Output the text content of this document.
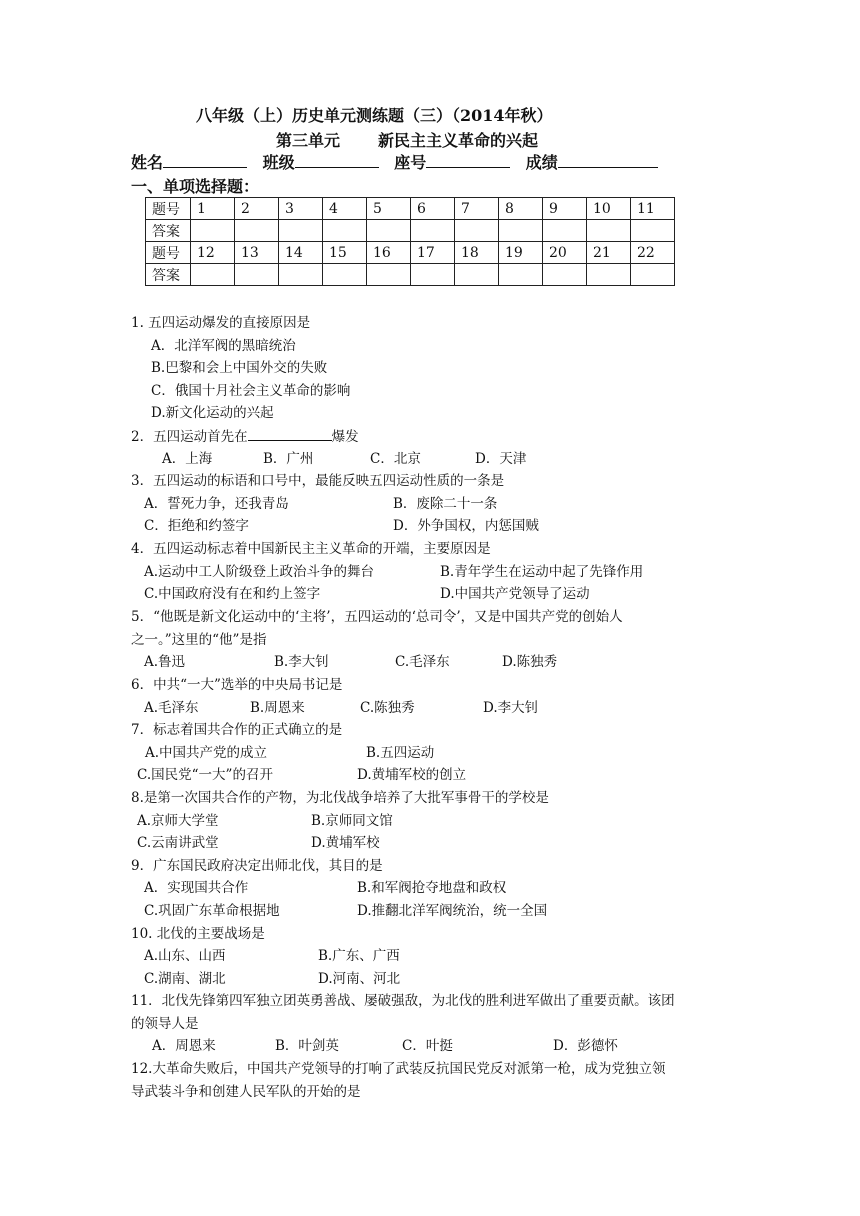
八年级（上）历史单元测练题（三）（2014年秋）
第三单元 新民主主义革命的兴起
姓名	班级	座号	成绩
一、单项选择题：
题号	1	2	3	4	5	6	7	8	9	10	11
答案											
题号	12	13	14	15	16	17	18	19	20	21	22
答案											
1. 五四运动爆发的直接原因是
A．北洋军阀的黑暗统治
B.巴黎和会上中国外交的失败
C．俄国十月社会主义革命的影响
D.新文化运动的兴起
2．五四运动首先在	爆发
A．上海	B．广州	C．北京	D．天津
3．五四运动的标语和口号中，最能反映五四运动性质的一条是
A．誓死力争，还我青岛	B．废除二十一条
C．拒绝和约签字	D．外争国权，内惩国贼
4．五四运动标志着中国新民主主义革命的开端，主要原因是
A.运动中工人阶级登上政治斗争的舞台	B.青年学生在运动中起了先锋作用
C.中国政府没有在和约上签字	D.中国共产党领导了运动
5．“他既是新文化运动中的‘主将’，五四运动的‘总司令’，又是中国共产党的创始人
之一。”这里的“他”是指
A.鲁迅	B.李大钊	C.毛泽东	D.陈独秀
6．中共“一大”选举的中央局书记是
A.毛泽东	B.周恩来	C.陈独秀	D.李大钊
7．标志着国共合作的正式确立的是
A.中国共产党的成立	B.五四运动
C.国民党“一大”的召开	D.黄埔军校的创立
8.是第一次国共合作的产物，为北伐战争培养了大批军事骨干的学校是
A.京师大学堂	B.京师同文馆
C.云南讲武堂	D.黄埔军校
9．广东国民政府决定出师北伐，其目的是
A．实现国共合作	B.和军阀抢夺地盘和政权
C.巩固广东革命根据地	D.推翻北洋军阀统治，统一全国
10. 北伐的主要战场是
A.山东、山西	B.广东、广西
C.湖南、湖北	D.河南、河北
11．北伐先锋第四军独立团英勇善战、屡破强敌，为北伐的胜利进军做出了重要贡献。该团
的领导人是
A．周恩来	B．叶剑英	C．叶挺	D．彭德怀
12.大革命失败后，中国共产党领导的打响了武装反抗国民党反对派第一枪，成为党独立领
导武装斗争和创建人民军队的开始的是
